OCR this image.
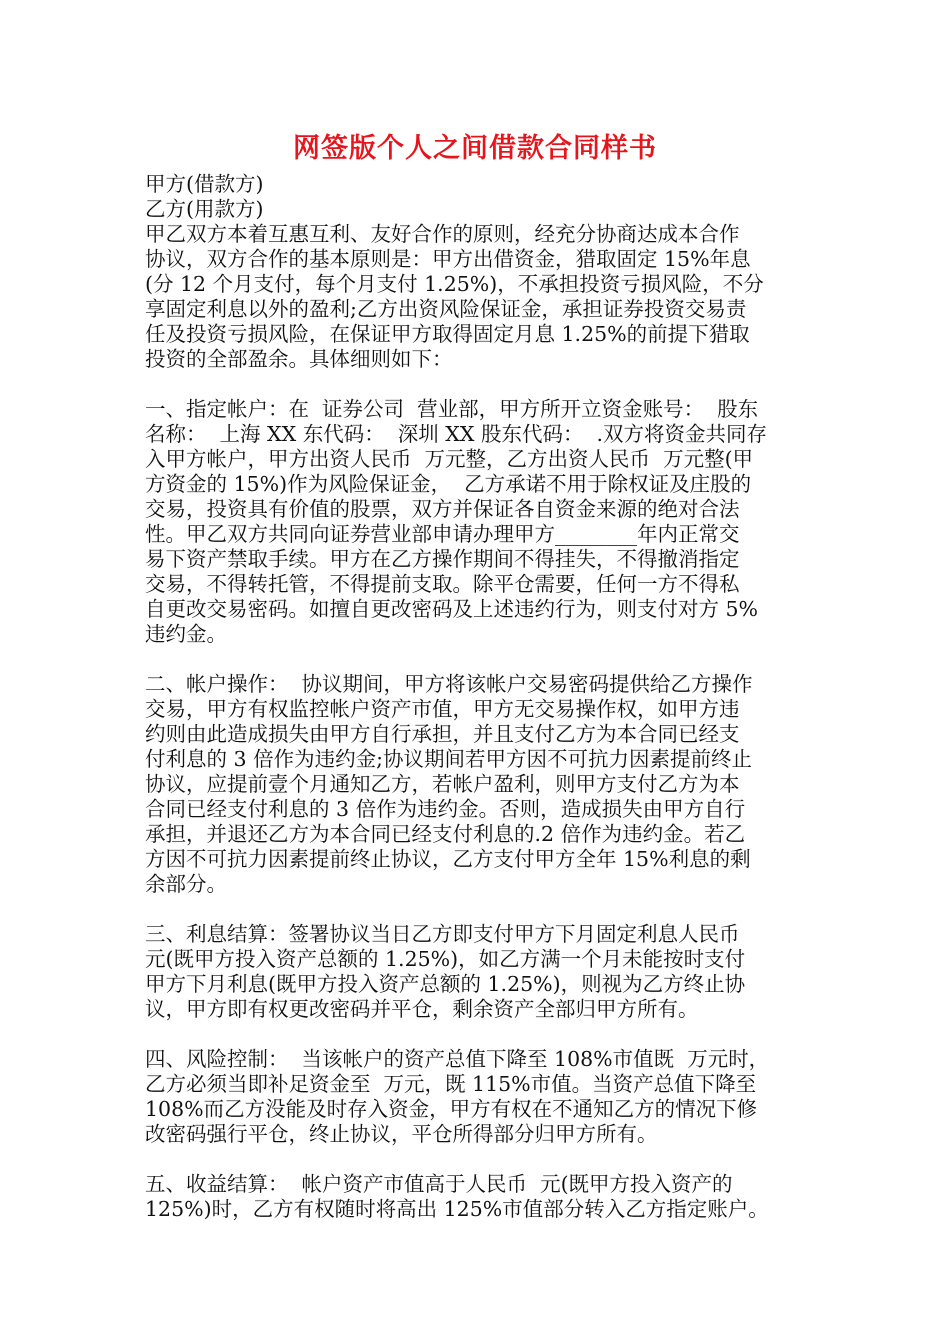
网签版个人之间借款合同样书
甲方(借款方)
乙方(用款方)
甲乙双方本着互惠互利、友好合作的原则，经充分协商达成本合作
协议，双方合作的基本原则是：甲方出借资金，猎取固定 15%年息
(分 12 个月支付，每个月支付 1.25%)，不承担投资亏损风险，不分
享固定利息以外的盈利;乙方出资风险保证金，承担证券投资交易责
任及投资亏损风险，在保证甲方取得固定月息 1.25%的前提下猎取
投资的全部盈余。具体细则如下：
一、指定帐户：在  证券公司  营业部，甲方所开立资金账号：  股东
名称：  上海 XX 东代码：  深圳 XX 股东代码：  .双方将资金共同存
入甲方帐户，甲方出资人民币  万元整，乙方出资人民币  万元整(甲
方资金的 15%)作为风险保证金，  乙方承诺不用于除权证及庄股的
交易，投资具有价值的股票，双方并保证各自资金来源的绝对合法
性。甲乙双方共同向证券营业部申请办理甲方________年内正常交
易下资产禁取手续。甲方在乙方操作期间不得挂失，不得撤消指定
交易，不得转托管，不得提前支取。除平仓需要，任何一方不得私
自更改交易密码。如擅自更改密码及上述违约行为，则支付对方 5%
违约金。
二、帐户操作：  协议期间，甲方将该帐户交易密码提供给乙方操作
交易，甲方有权监控帐户资产市值，甲方无交易操作权，如甲方违
约则由此造成损失由甲方自行承担，并且支付乙方为本合同已经支
付利息的 3 倍作为违约金;协议期间若甲方因不可抗力因素提前终止
协议，应提前壹个月通知乙方，若帐户盈利，则甲方支付乙方为本
合同已经支付利息的 3 倍作为违约金。否则，造成损失由甲方自行
承担，并退还乙方为本合同已经支付利息的.2 倍作为违约金。若乙
方因不可抗力因素提前终止协议，乙方支付甲方全年 15%利息的剩
余部分。
三、利息结算：签署协议当日乙方即支付甲方下月固定利息人民币
元(既甲方投入资产总额的 1.25%)，如乙方满一个月未能按时支付
甲方下月利息(既甲方投入资产总额的 1.25%)，则视为乙方终止协
议，甲方即有权更改密码并平仓，剩余资产全部归甲方所有。
四、风险控制：  当该帐户的资产总值下降至 108%市值既  万元时，
乙方必须当即补足资金至  万元，既 115%市值。当资产总值下降至
108%而乙方没能及时存入资金，甲方有权在不通知乙方的情况下修
改密码强行平仓，终止协议，平仓所得部分归甲方所有。
五、收益结算：  帐户资产市值高于人民币  元(既甲方投入资产的
125%)时，乙方有权随时将高出 125%市值部分转入乙方指定账户。
